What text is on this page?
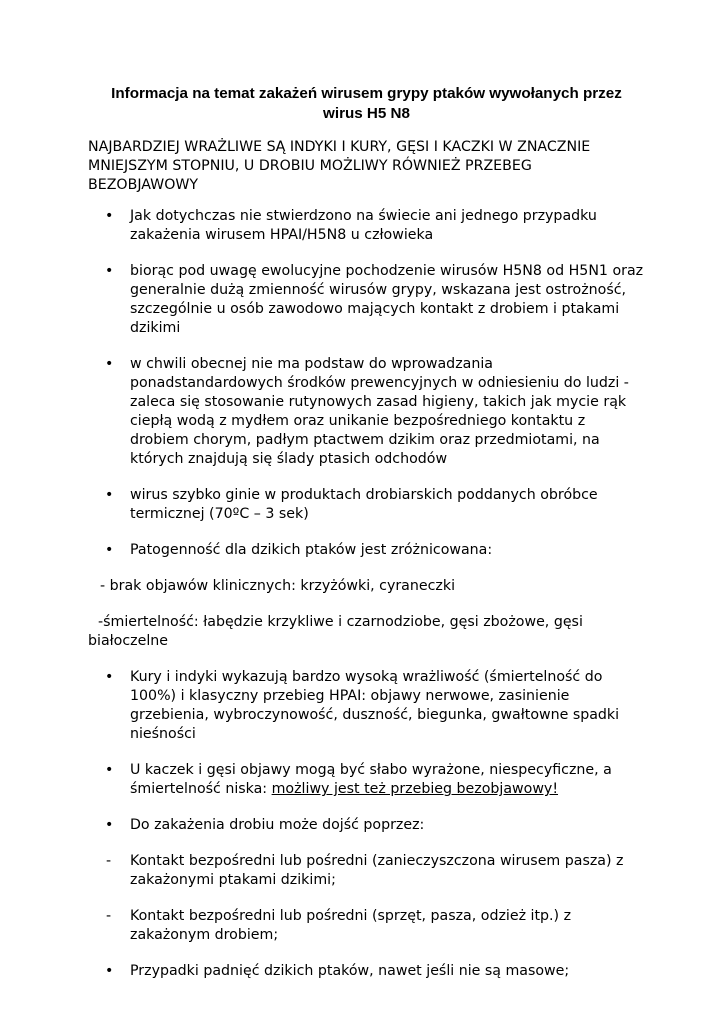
Informacja na temat zakażeń wirusem grypy ptaków wywołanych przez wirus H5 N8
NAJBARDZIEJ WRAŻLIWE SĄ INDYKI I KURY, GĘSI I KACZKI W ZNACZNIE MNIEJSZYM STOPNIU, U DROBIU MOŻLIWY RÓWNIEŻ PRZEBEG BEZOBJAWOWY
• Jak dotychczas nie stwierdzono na świecie ani jednego przypadku zakażenia wirusem HPAI/H5N8 u człowieka
• biorąc pod uwagę ewolucyjne pochodzenie wirusów H5N8 od H5N1 oraz generalnie dużą zmienność wirusów grypy, wskazana jest ostrożność, szczególnie u osób zawodowo mających kontakt z drobiem i ptakami dzikimi
• w chwili obecnej nie ma podstaw do wprowadzania ponadstandardowych środków prewencyjnych w odniesieniu do ludzi - zaleca się stosowanie rutynowych zasad higieny, takich jak mycie rąk ciepłą wodą z mydłem oraz unikanie bezpośredniego kontaktu z drobiem chorym, padłym ptactwem dzikim oraz przedmiotami, na których znajdują się ślady ptasich odchodów
• wirus szybko ginie w produktach drobiarskich poddanych obróbce termicznej (70ºC – 3 sek)
• Patogenność dla dzikich ptaków jest zróżnicowana:
- brak objawów klinicznych: krzyżówki, cyraneczki
-śmiertelność: łabędzie krzykliwe i czarnodziobe, gęsi zbożowe, gęsi białoczelne
• Kury i indyki wykazują bardzo wysoką wrażliwość (śmiertelność do 100%) i klasyczny przebieg HPAI: objawy nerwowe, zasinienie grzebienia, wybroczynowość, duszność, biegunka, gwałtowne spadki nieśności
• U kaczek i gęsi objawy mogą być słabo wyrażone, niespecyficzne, a śmiertelność niska: możliwy jest też przebieg bezobjawowy!
• Do zakażenia drobiu może dojść poprzez:
- Kontakt bezpośredni lub pośredni (zanieczyszczona wirusem pasza) z zakażonymi ptakami dzikimi;
- Kontakt bezpośredni lub pośredni (sprzęt, pasza, odzież itp.) z zakażonym drobiem;
• Przypadki padnięć dzikich ptaków, nawet jeśli nie są masowe;
